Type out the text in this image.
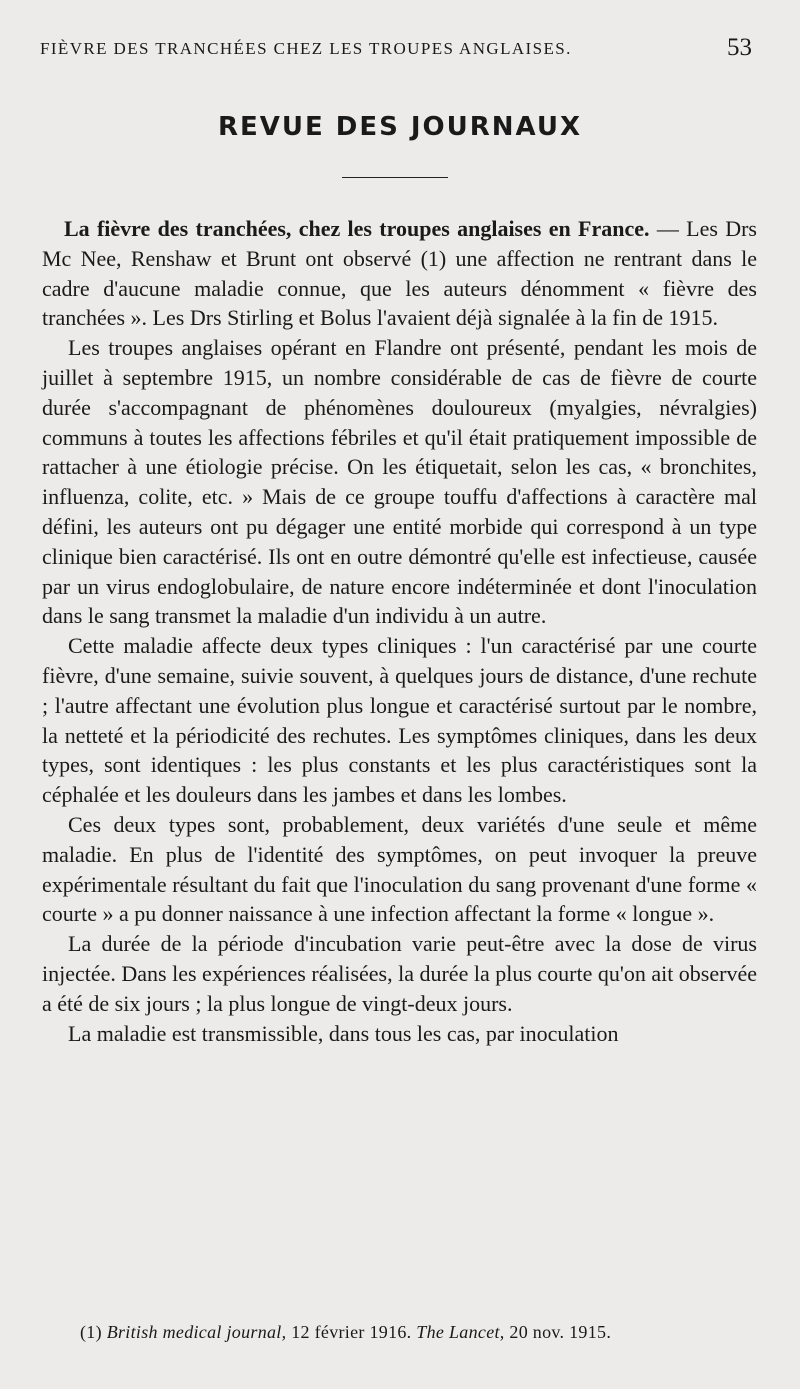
FIÈVRE DES TRANCHÉES CHEZ LES TROUPES ANGLAISES.	53
REVUE DES JOURNAUX

La fièvre des tranchées, chez les troupes anglaises en France. — Les Drs Mc Nee, Renshaw et Brunt ont observé (1) une affection ne rentrant dans le cadre d'aucune maladie connue, que les auteurs dénomment « fièvre des tranchées ». Les Drs Stirling et Bolus l'avaient déjà signalée à la fin de 1915.

Les troupes anglaises opérant en Flandre ont présenté, pendant les mois de juillet à septembre 1915, un nombre considérable de cas de fièvre de courte durée s'accompagnant de phénomènes douloureux (myalgies, névralgies) communs à toutes les affections fébriles et qu'il était pratiquement impossible de rattacher à une étiologie précise. On les étiquetait, selon les cas, « bronchites, influenza, colite, etc. » Mais de ce groupe touffu d'affections à caractère mal défini, les auteurs ont pu dégager une entité morbide qui correspond à un type clinique bien caractérisé. Ils ont en outre démontré qu'elle est infectieuse, causée par un virus endoglobulaire, de nature encore indéterminée et dont l'inoculation dans le sang transmet la maladie d'un individu à un autre.

Cette maladie affecte deux types cliniques : l'un caractérisé par une courte fièvre, d'une semaine, suivie souvent, à quelques jours de distance, d'une rechute ; l'autre affectant une évolution plus longue et caractérisé surtout par le nombre, la netteté et la périodicité des rechutes. Les symptômes cliniques, dans les deux types, sont identiques : les plus constants et les plus caractéristiques sont la céphalée et les douleurs dans les jambes et dans les lombes.

Ces deux types sont, probablement, deux variétés d'une seule et même maladie. En plus de l'identité des symptômes, on peut invoquer la preuve expérimentale résultant du fait que l'inoculation du sang provenant d'une forme « courte » a pu donner naissance à une infection affectant la forme « longue ».

La durée de la période d'incubation varie peut-être avec la dose de virus injectée. Dans les expériences réalisées, la durée la plus courte qu'on ait observée a été de six jours ; la plus longue de vingt-deux jours.

La maladie est transmissible, dans tous les cas, par inoculation

(1) British medical journal, 12 février 1916. The Lancet, 20 nov. 1915.
